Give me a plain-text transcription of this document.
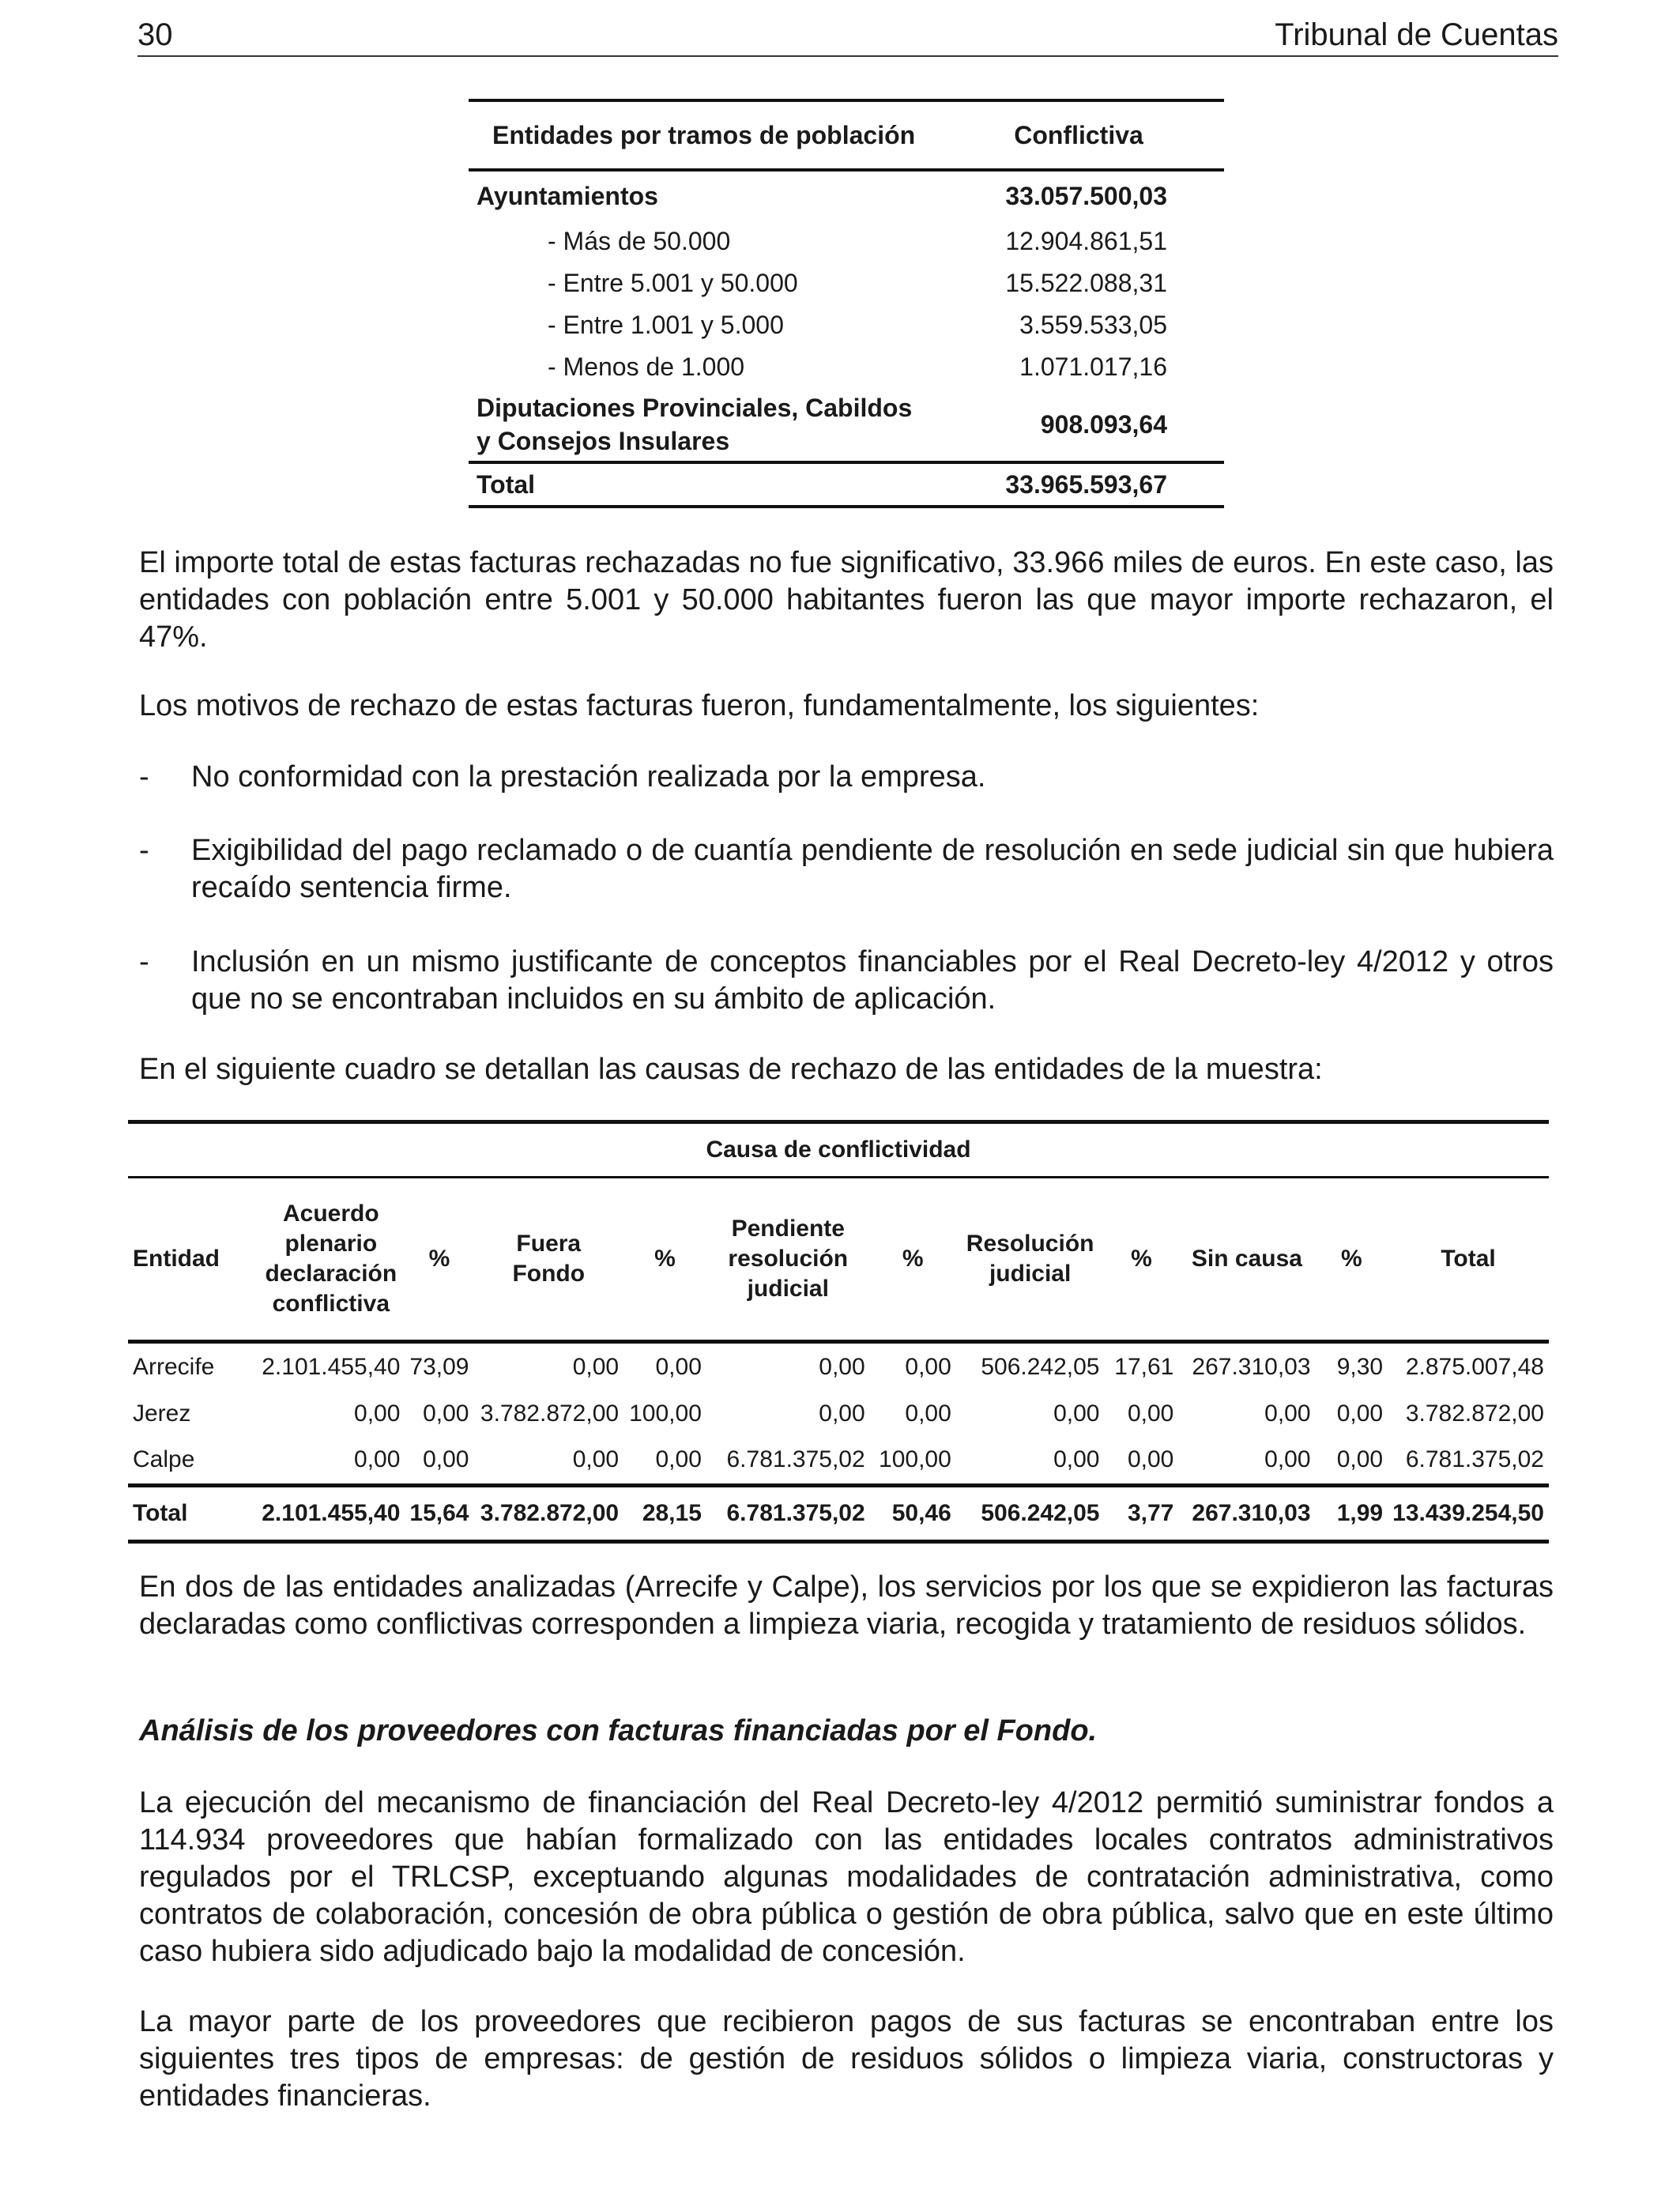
30	Tribunal de Cuentas
Entidades por tramos de población	Conflictiva
Ayuntamientos	33.057.500,03
- Más de 50.000	12.904.861,51
- Entre 5.001 y 50.000	15.522.088,31
- Entre 1.001 y 5.000	3.559.533,05
- Menos de 1.000	1.071.017,16
Diputaciones Provinciales, Cabildos
y Consejos Insulares	908.093,64
Total	33.965.593,67

El importe total de estas facturas rechazadas no fue significativo, 33.966 miles de euros. En este caso, las entidades con población entre 5.001 y 50.000 habitantes fueron las que mayor importe rechazaron, el 47%.

Los motivos de rechazo de estas facturas fueron, fundamentalmente, los siguientes:

- No conformidad con la prestación realizada por la empresa.
- Exigibilidad del pago reclamado o de cuantía pendiente de resolución en sede judicial sin que hubiera recaído sentencia firme.
- Inclusión en un mismo justificante de conceptos financiables por el Real Decreto-ley 4/2012 y otros que no se encontraban incluidos en su ámbito de aplicación.

En el siguiente cuadro se detallan las causas de rechazo de las entidades de la muestra:

Causa de conflictividad											
Entidad	Acuerdo plenario declaración conflictiva	%	Fuera Fondo	%	Pendiente resolución judicial	%	Resolución judicial	%	Sin causa	%	Total
Arrecife	2.101.455,40	73,09	0,00	0,00	0,00	0,00	506.242,05	17,61	267.310,03	9,30	2.875.007,48
Jerez	0,00	0,00	3.782.872,00	100,00	0,00	0,00	0,00	0,00	0,00	0,00	3.782.872,00
Calpe	0,00	0,00	0,00	0,00	6.781.375,02	100,00	0,00	0,00	0,00	0,00	6.781.375,02
Total	2.101.455,40	15,64	3.782.872,00	28,15	6.781.375,02	50,46	506.242,05	3,77	267.310,03	1,99	13.439.254,50

En dos de las entidades analizadas (Arrecife y Calpe), los servicios por los que se expidieron las facturas declaradas como conflictivas corresponden a limpieza viaria, recogida y tratamiento de residuos sólidos.

Análisis de los proveedores con facturas financiadas por el Fondo.

La ejecución del mecanismo de financiación del Real Decreto-ley 4/2012 permitió suministrar fondos a 114.934 proveedores que habían formalizado con las entidades locales contratos administrativos regulados por el TRLCSP, exceptuando algunas modalidades de contratación administrativa, como contratos de colaboración, concesión de obra pública o gestión de obra pública, salvo que en este último caso hubiera sido adjudicado bajo la modalidad de concesión.

La mayor parte de los proveedores que recibieron pagos de sus facturas se encontraban entre los siguientes tres tipos de empresas: de gestión de residuos sólidos o limpieza viaria, constructoras y entidades financieras.
